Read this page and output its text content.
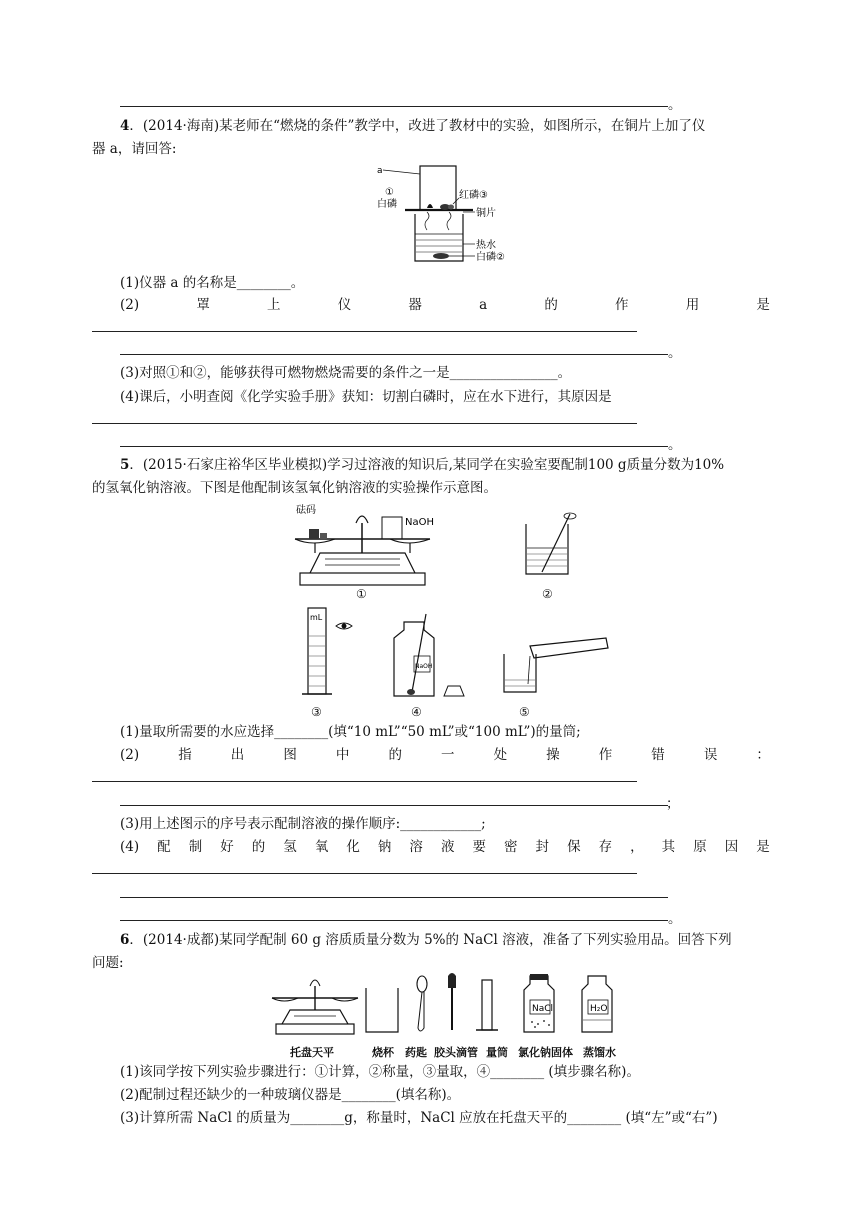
。
4．(2014·海南)某老师在“燃烧的条件”教学中，改进了教材中的实验，如图所示，在铜片上加了仪
器 a，请回答:
a
①
白磷
红磷③
铜片
热水
白磷②
(1)仪器 a 的名称是________。
(2)	罩	上	仪	器	a	的	作	用	是
。
(3)对照①和②，能够获得可燃物燃烧需要的条件之一是________________。
(4)课后，小明查阅《化学实验手册》获知：切割白磷时，应在水下进行，其原因是
。
5．(2015·石家庄裕华区毕业模拟)学习过溶液的知识后,某同学在实验室要配制100 g质量分数为10%
的氢氧化钠溶液。下图是他配制该氢氧化钠溶液的实验操作示意图。
砝码
NaOH
①	②
mL
③
NaOH
④	⑤
(1)量取所需要的水应选择________(填“10 mL”“50 mL”或“100 mL”)的量筒;
(2)	指	出	图	中	的	一	处	操	作	错	误	：
；
(3)用上述图示的序号表示配制溶液的操作顺序:____________;
(4) 配 制 好 的 氢 氧 化 钠 溶 液 要 密 封 保 存 ， 其 原 因 是
。
6．(2014·成都)某同学配制 60 g 溶质质量分数为 5%的 NaCl 溶液，准备了下列实验用品。回答下列
问题:
NaCl	H₂O
托盘天平	烧杯 药匙 胶头滴管 量筒 氯化钠固体 蒸馏水
(1)该同学按下列实验步骤进行：①计算，②称量，③量取，④________ (填步骤名称)。
(2)配制过程还缺少的一种玻璃仪器是________(填名称)。
(3)计算所需 NaCl 的质量为________g，称量时，NaCl 应放在托盘天平的________ (填“左”或“右”)
